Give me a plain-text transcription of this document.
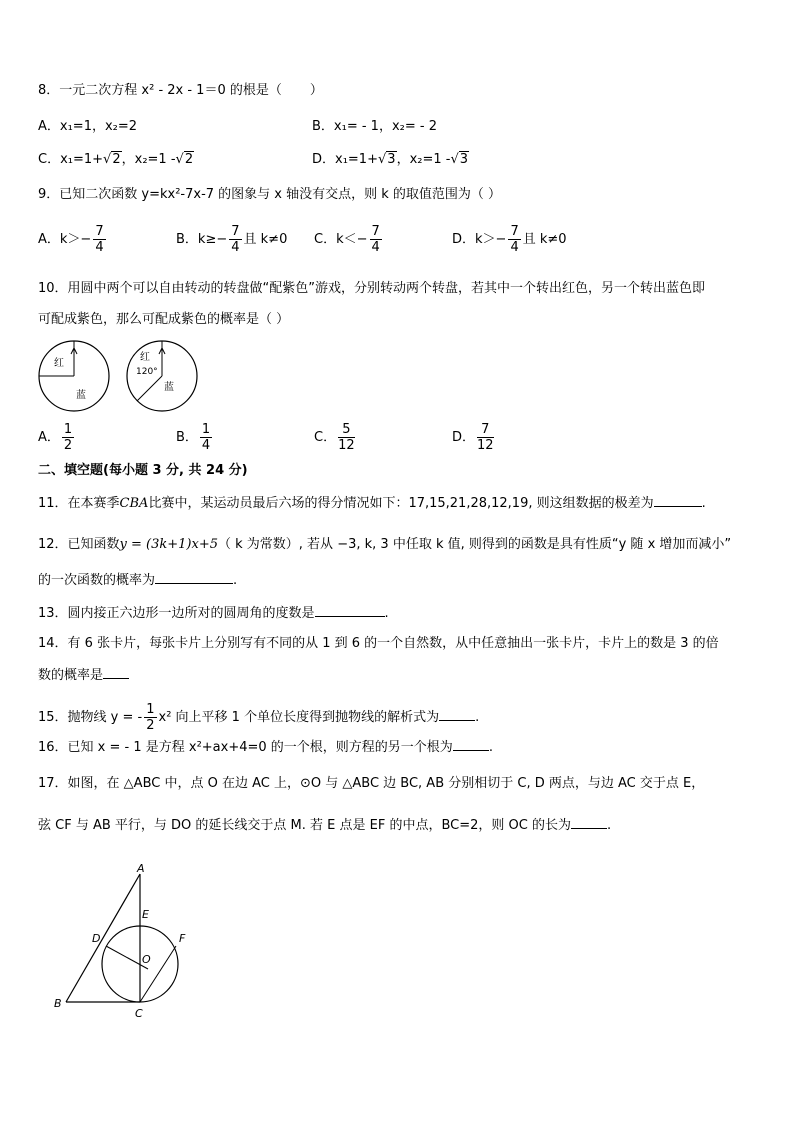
8．一元二次方程 x² - 2x - 1＝0 的根是（ ）
A．x₁=1，x₂=2	B．x₁= - 1，x₂= - 2
C．x₁=1+√2，x₂=1 -√2	D．x₁=1+√3，x₂=1 -√3
9．已知二次函数 y=kx²-7x-7 的图象与 x 轴没有交点，则 k 的取值范围为（ ）
A．$k>- \frac{7}{4}$	B．$k\ge- \frac{7}{4}$ 且 k≠0 C．$k<- \frac{7}{4}$	D．$k>- \frac{7}{4}$ 且 k≠0
10．用圆中两个可以自由转动的转盘做“配紫色”游戏，分别转动两个转盘，若其中一个转出红色，另一个转出蓝色即
可配成紫色，那么可配成紫色的概率是（ ）
红
蓝
红
120°
蓝
A． $\frac{1}{2}$	B． $\frac{1}{4}$	C． $\frac{5}{12}$	D． $\frac{7}{12}$
二、填空题(每小题 3 分, 共 24 分)
11．在本赛季CBA比赛中，某运动员最后六场的得分情况如下：17,15,21,28,12,19, 则这组数据的极差为	.
12．已知函数y = (3k+1)x+5（ k 为常数）, 若从 −3, k, 3 中任取 k 值, 则得到的函数是具有性质“y 随 x 增加而减小”
的一次函数的概率为	.
13．圆内接正六边形一边所对的圆周角的度数是	.
14．有 6 张卡片，每张卡片上分别写有不同的从 1 到 6 的一个自然数，从中任意抽出一张卡片，卡片上的数是 3 的倍
数的概率是
15．抛物线 y = - $\frac{1}{2} x^2$ 向上平移 1 个单位长度得到抛物线的解析式为	.
16．已知 x = - 1 是方程 x²+ax+4=0 的一个根，则方程的另一个根为	.
17．如图，在 △ABC 中，点 O 在边 AC 上，⊙O 与 △ABC 边 BC, AB 分别相切于 C, D 两点，与边 AC 交于点 E，
弦 CF 与 AB 平行，与 DO 的延长线交于点 M. 若 E 点是 EF 的中点，BC=2，则 OC 的长为	.
A
B
C
D
E
F
O
